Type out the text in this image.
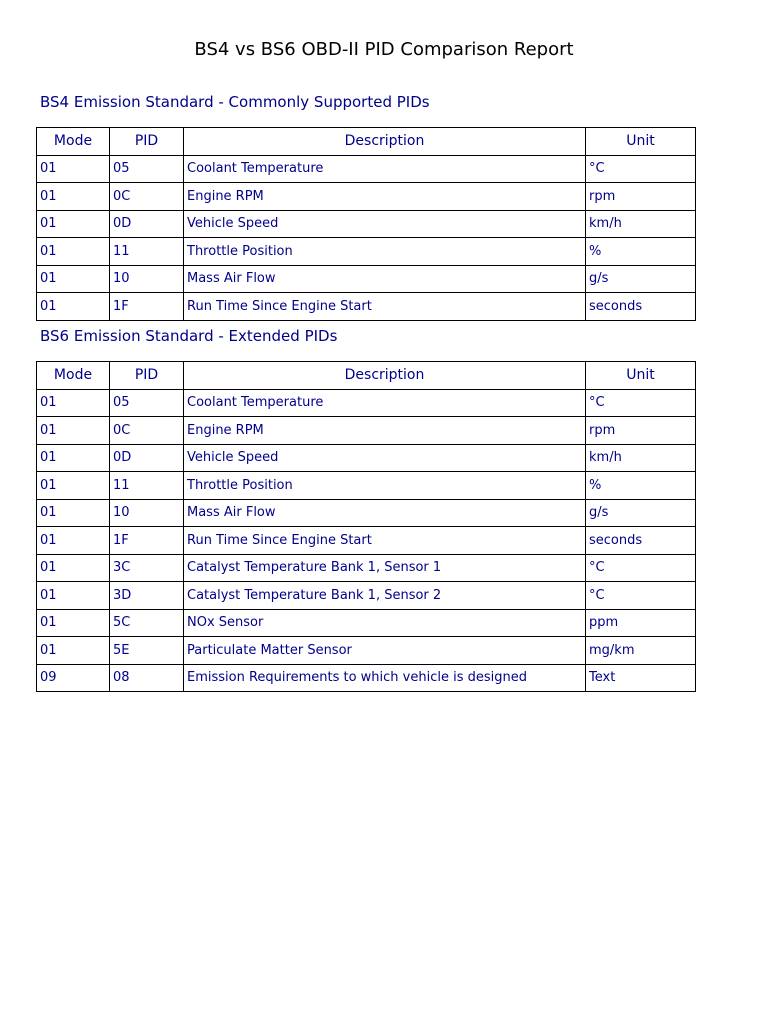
BS4 vs BS6 OBD-II PID Comparison Report
BS4 Emission Standard - Commonly Supported PIDs
Mode	PID	Description	Unit
01	05	Coolant Temperature	°C
01	0C	Engine RPM	rpm
01	0D	Vehicle Speed	km/h
01	11	Throttle Position	%
01	10	Mass Air Flow	g/s
01	1F	Run Time Since Engine Start	seconds
BS6 Emission Standard - Extended PIDs
Mode	PID	Description	Unit
01	05	Coolant Temperature	°C
01	0C	Engine RPM	rpm
01	0D	Vehicle Speed	km/h
01	11	Throttle Position	%
01	10	Mass Air Flow	g/s
01	1F	Run Time Since Engine Start	seconds
01	3C	Catalyst Temperature Bank 1, Sensor 1	°C
01	3D	Catalyst Temperature Bank 1, Sensor 2	°C
01	5C	NOx Sensor	ppm
01	5E	Particulate Matter Sensor	mg/km
09	08	Emission Requirements to which vehicle is designed	Text
